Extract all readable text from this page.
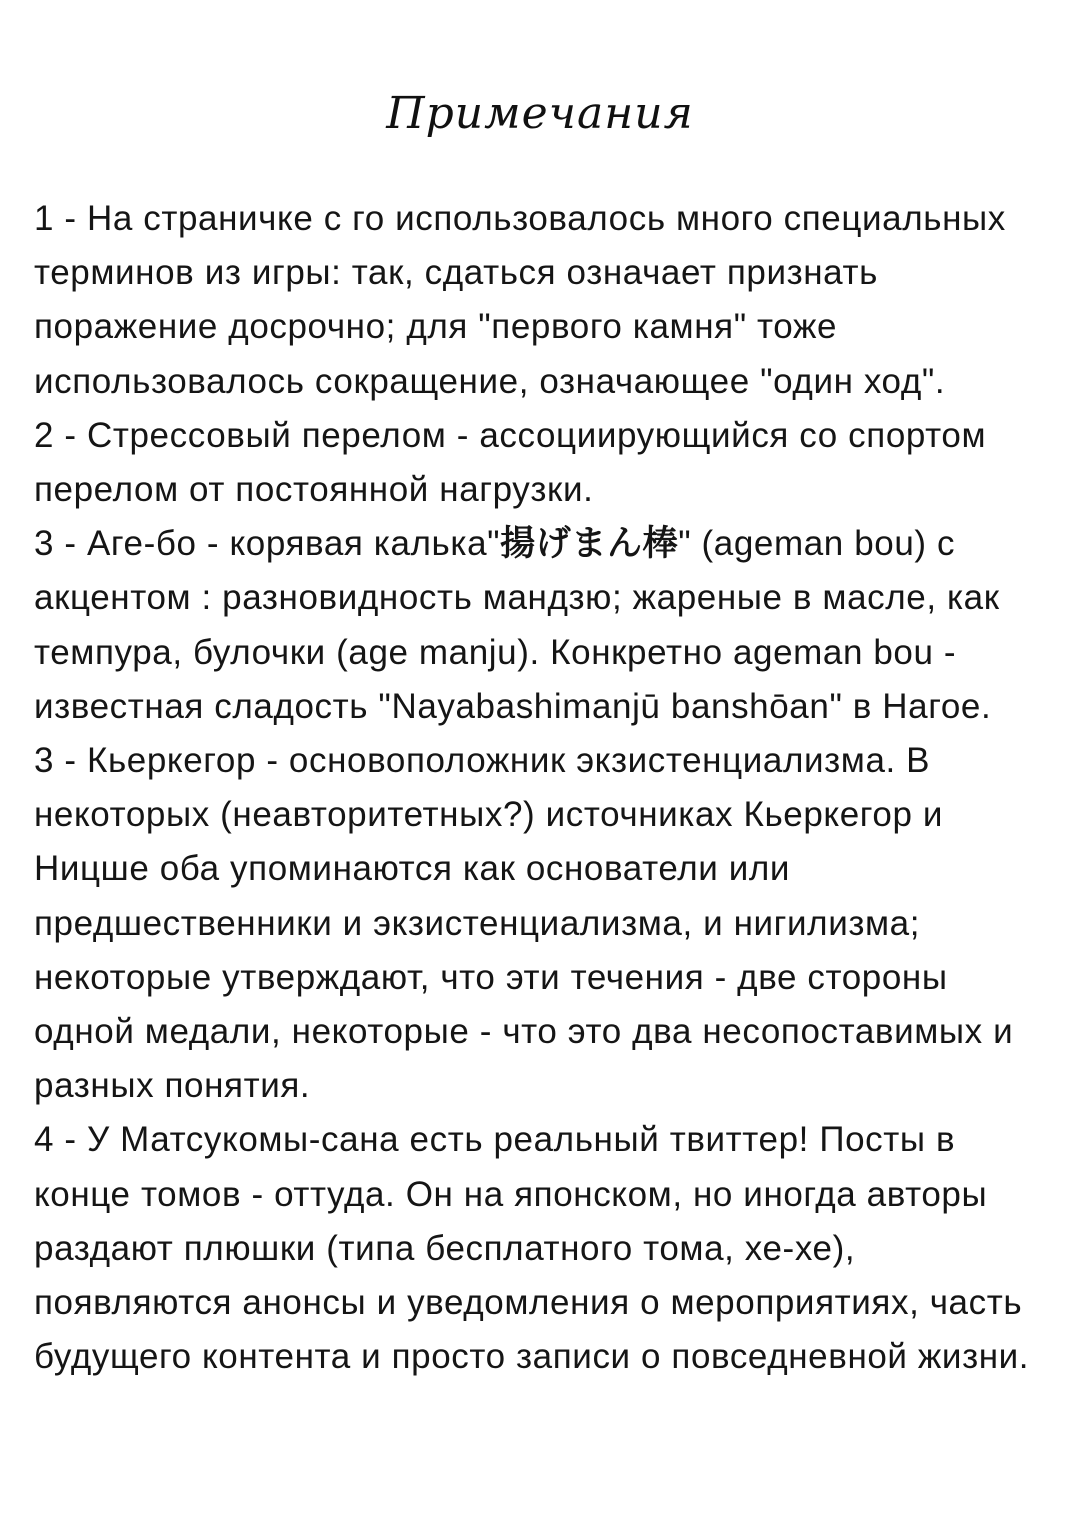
Примечания

1 - На страничке с го использовалось много специальных терминов из игры: так, сдаться означает признать поражение досрочно; для "первого камня" тоже использовалось сокращение, означающее "один ход".

2 - Стрессовый перелом - ассоциирующийся со спортом перелом от постоянной нагрузки.

3 - Аге-бо - корявая калька"揚げまん棒" (ageman bou) с акцентом : разновидность мандзю; жареные в масле, как темпура, булочки (age manju). Конкретно ageman bou - известная сладость "Nayabashimanjū banshōan" в Нагое.

3 - Кьеркегор - основоположник экзистенциализма. В некоторых (неавторитетных?) источниках Кьеркегор и Ницше оба упоминаются как основатели или предшественники и экзистенциализма, и нигилизма; некоторые утверждают, что эти течения - две стороны одной медали, некоторые - что это два несопоставимых и разных понятия.

4 - У Матсукомы-сана есть реальный твиттер! Посты в конце томов - оттуда. Он на японском, но иногда авторы раздают плюшки (типа бесплатного тома, хе-хе), появляются анонсы и уведомления о мероприятиях, часть будущего контента и просто записи о повседневной жизни.
